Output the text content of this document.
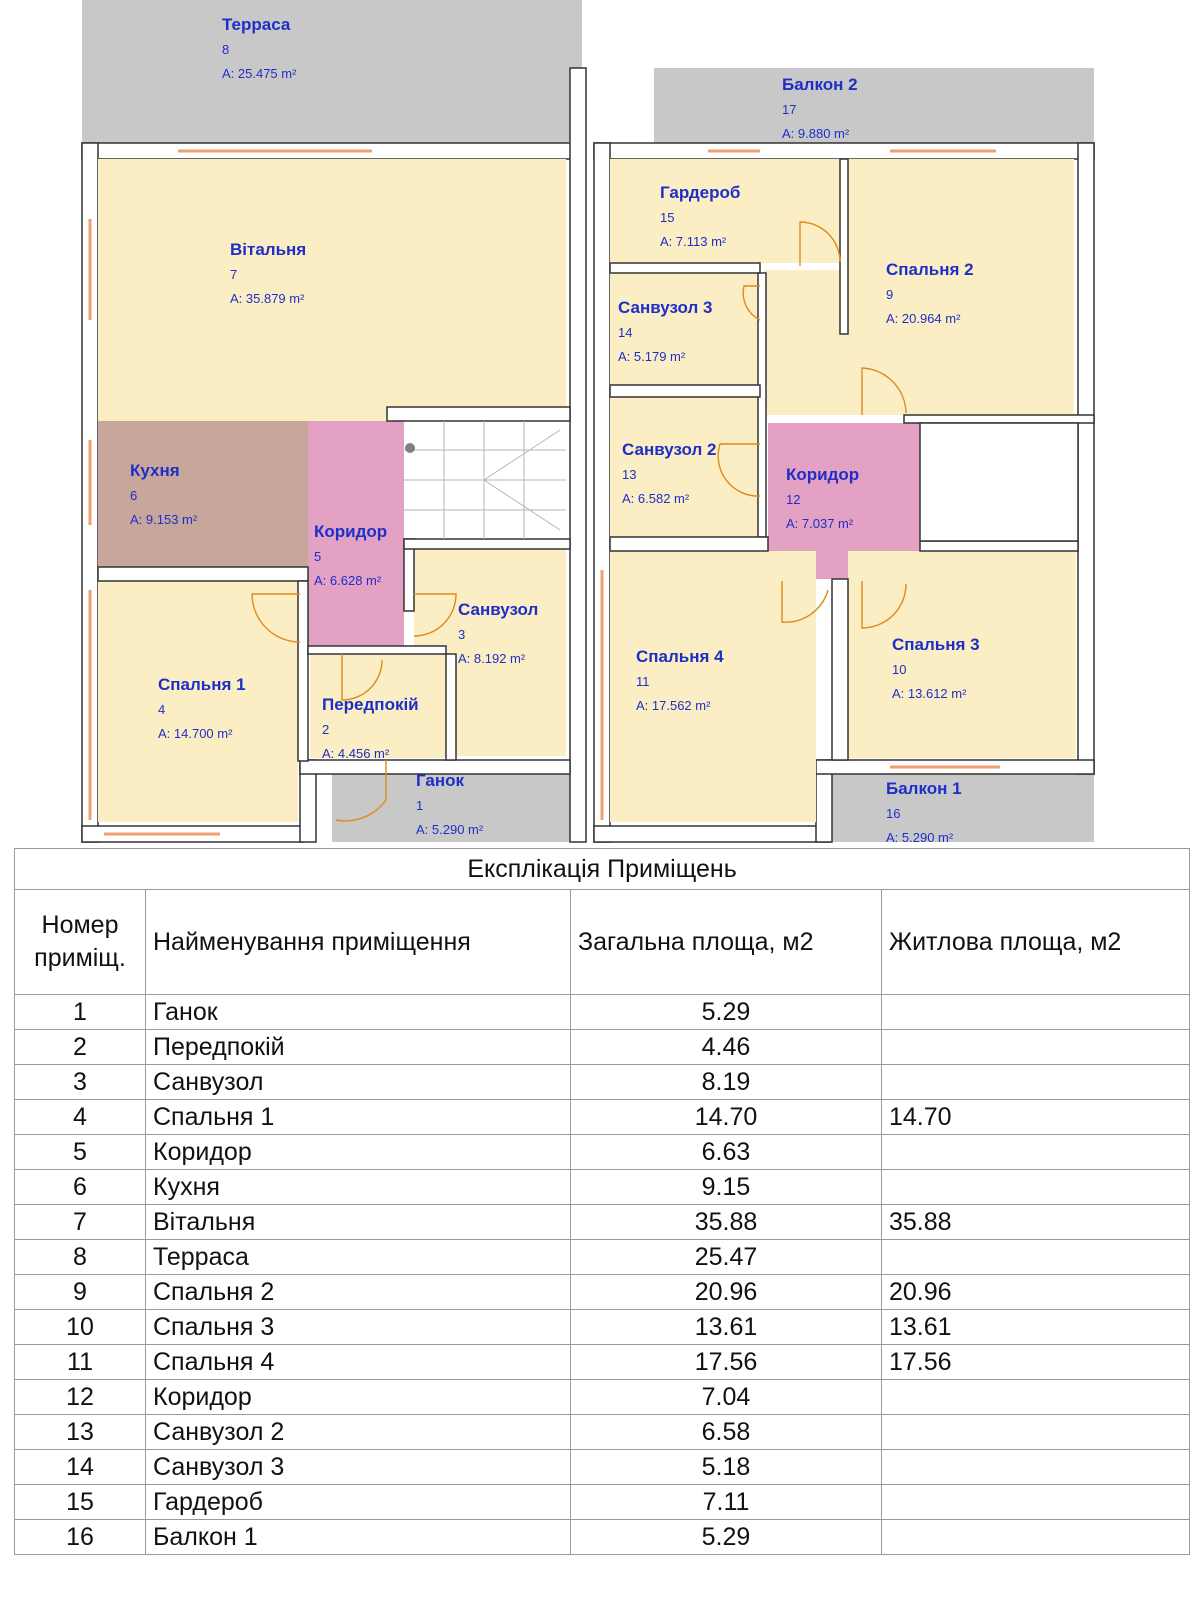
Терраса
8
A: 25.475 m²
Балкон 2
17
A: 9.880 m²
Вітальня
7
A: 35.879 m²
Гардероб
15
A: 7.113 m²
Спальня 2
9
A: 20.964 m²
Санвузол 3
14
A: 5.179 m²
Кухня
6
A: 9.153 m²
Коридор
5
A: 6.628 m²
Санвузол 2
13
A: 6.582 m²
Коридор
12
A: 7.037 m²
Санвузол
3
A: 8.192 m²
Спальня 1
4
A: 14.700 m²
Передпокій
2
A: 4.456 m²
Ганок
1
A: 5.290 m²
Спальня 4
11
A: 17.562 m²
Спальня 3
10
A: 13.612 m²
Балкон 1
16
A: 5.290 m²
Експлікація Приміщень			
Номер
приміщ.	Найменування приміщення	Загальна площа, м2	Житлова площа, м2
1	Ганок	5.29	
2	Передпокій	4.46	
3	Санвузол	8.19	
4	Спальня 1	14.70	14.70
5	Коридор	6.63	
6	Кухня	9.15	
7	Вітальня	35.88	35.88
8	Терраса	25.47	
9	Спальня 2	20.96	20.96
10	Спальня 3	13.61	13.61
11	Спальня 4	17.56	17.56
12	Коридор	7.04	
13	Санвузол 2	6.58	
14	Санвузол 3	5.18	
15	Гардероб	7.11	
16	Балкон 1	5.29	
